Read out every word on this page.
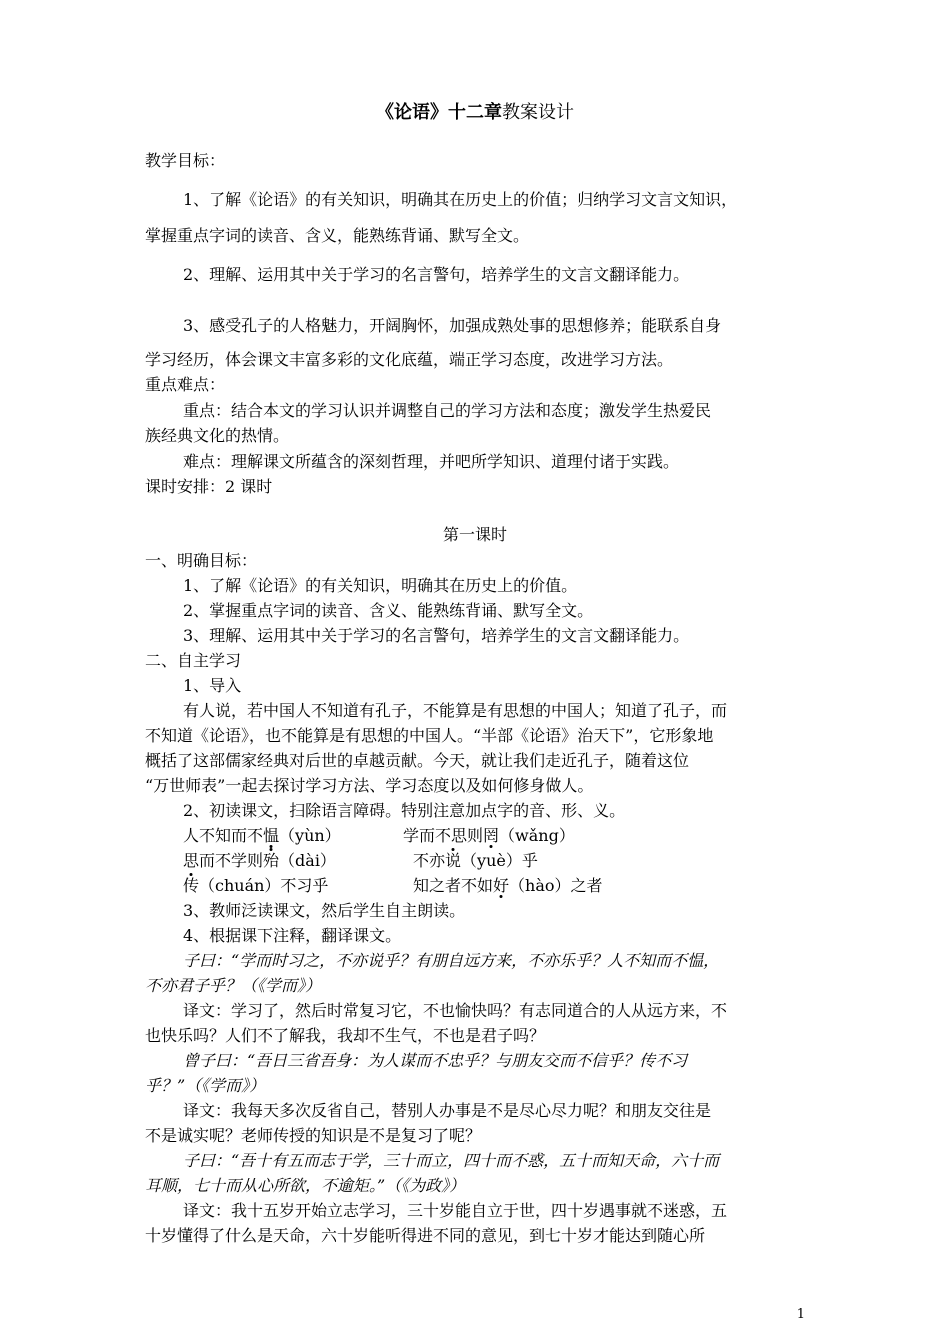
《论语》十二章教案设计
教学目标：
1、了解《论语》的有关知识，明确其在历史上的价值；归纳学习文言文知识，
掌握重点字词的读音、含义，能熟练背诵、默写全文。
2、理解、运用其中关于学习的名言警句，培养学生的文言文翻译能力。
3、感受孔子的人格魅力，开阔胸怀，加强成熟处事的思想修养；能联系自身
学习经历，体会课文丰富多彩的文化底蕴，端正学习态度，改进学习方法。
重点难点：
重点：结合本文的学习认识并调整自己的学习方法和态度；激发学生热爱民
族经典文化的热情。
难点：理解课文所蕴含的深刻哲理，并吧所学知识、道理付诸于实践。
课时安排：2 课时
第一课时
一、明确目标：
1、了解《论语》的有关知识，明确其在历史上的价值。
2、掌握重点字词的读音、含义、能熟练背诵、默写全文。
3、理解、运用其中关于学习的名言警句，培养学生的文言文翻译能力。
二、自主学习
1、导入
有人说，若中国人不知道有孔子，不能算是有思想的中国人；知道了孔子，而
不知道《论语》，也不能算是有思想的中国人。“半部《论语》治天下”，它形象地
概括了这部儒家经典对后世的卓越贡献。今天，就让我们走近孔子，随着这位
“万世师表”一起去探讨学习方法、学习态度以及如何修身做人。
2、初读课文，扫除语言障碍。特别注意加点字的音、形、义。
人不知而不愠（yùn）	学而不思则罔（wǎng）
思而不学则殆（dài）	不亦说（yuè）乎
传（chuán）不习乎	知之者不如好（hào）之者
3、教师泛读课文，然后学生自主朗读。
4、根据课下注释，翻译课文。
子曰：“学而时习之，不亦说乎？有朋自远方来，不亦乐乎？人不知而不愠，
不亦君子乎？（《学而》）
译文：学习了，然后时常复习它，不也愉快吗？有志同道合的人从远方来，不
也快乐吗？人们不了解我，我却不生气，不也是君子吗？
曾子曰：“吾日三省吾身：为人谋而不忠乎？与朋友交而不信乎？传不习
乎？”（《学而》）
译文：我每天多次反省自己，替别人办事是不是尽心尽力呢？和朋友交往是
不是诚实呢？老师传授的知识是不是复习了呢？
子曰：“吾十有五而志于学，三十而立，四十而不惑，五十而知天命，六十而
耳顺，七十而从心所欲，不逾矩。”（《为政》）
译文：我十五岁开始立志学习，三十岁能自立于世，四十岁遇事就不迷惑，五
十岁懂得了什么是天命，六十岁能听得进不同的意见，到七十岁才能达到随心所
1
